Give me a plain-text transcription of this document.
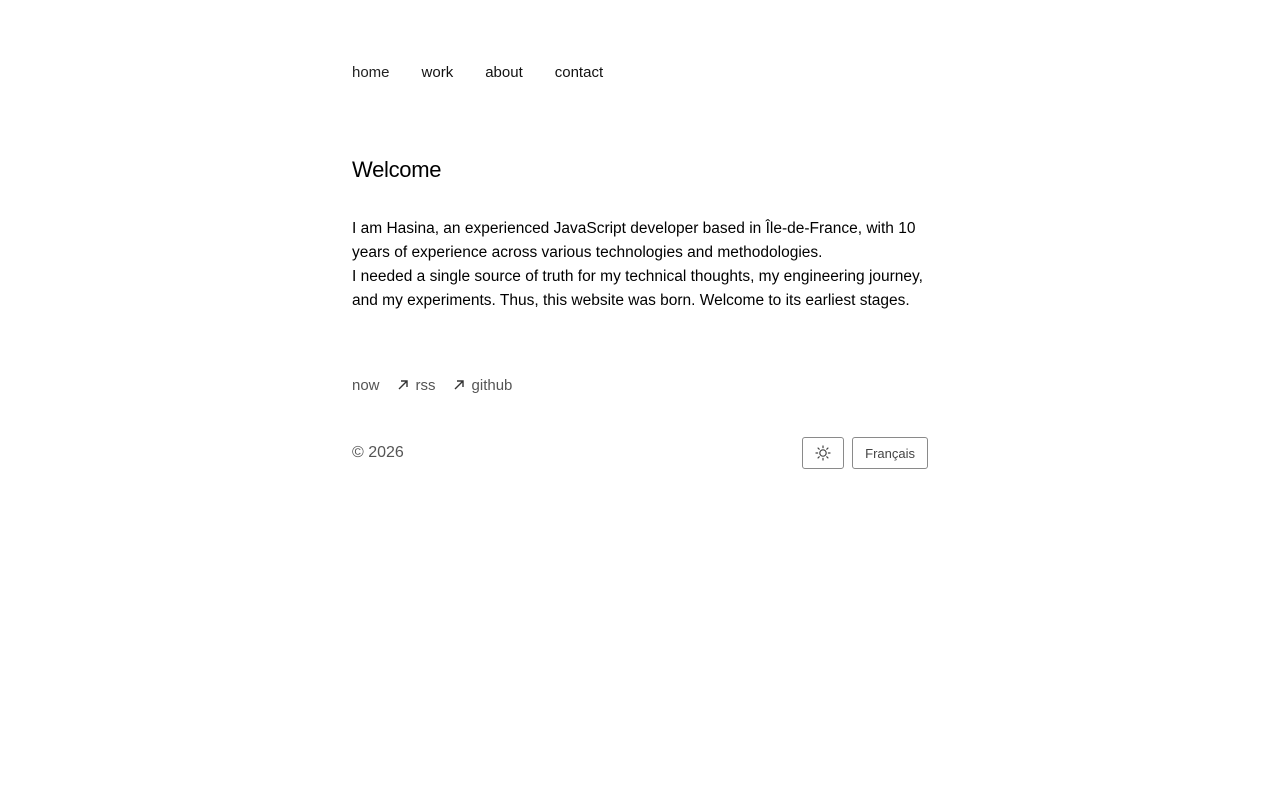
home work about contact
Welcome

I am Hasina, an experienced JavaScript developer based in Île-de-France, with 10 years of experience across various technologies and methodologies.

I needed a single source of truth for my technical thoughts, my engineering journey, and my experiments. Thus, this website was born. Welcome to its earliest stages.

now rss github
© 2026	Français
